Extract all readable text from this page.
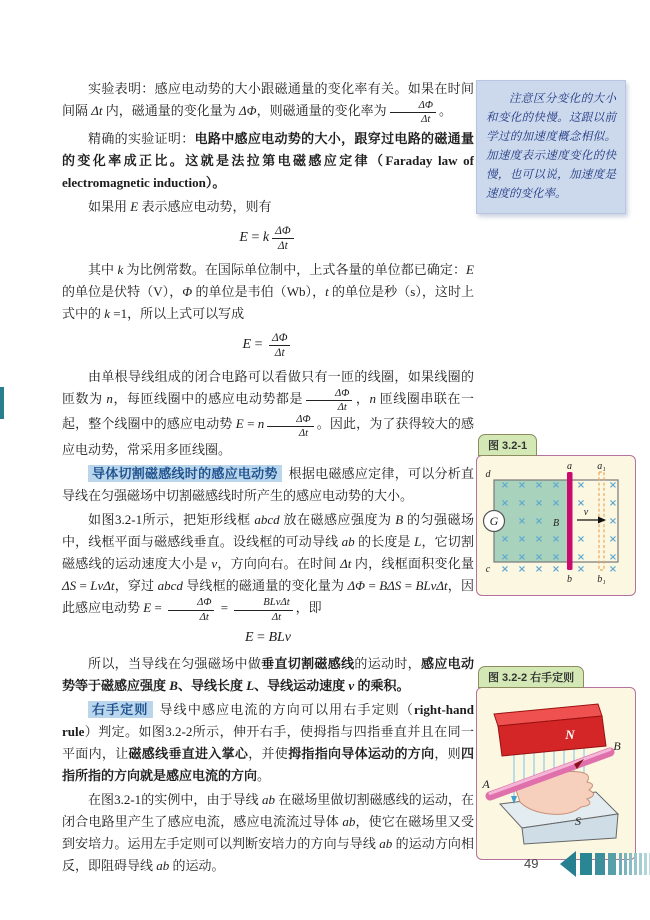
实验表明：感应电动势的大小跟磁通量的变化率有关。如果在时间间隔 Δt 内，磁通量的变化量为 ΔΦ，则磁通量的变化率为 $\frac{\Delta\Phi}{\Delta t}$ 。
精确的实验证明：电路中感应电动势的大小，跟穿过电路的磁通量的变化率成正比。这就是法拉第电磁感应定律（Faraday law of electromagnetic induction）。
如果用 E 表示感应电动势，则有
E = k $\frac{\Delta\Phi}{\Delta t}$
其中 k 为比例常数。在国际单位制中，上式各量的单位都已确定：E 的单位是伏特（V），Φ 的单位是韦伯（Wb），t 的单位是秒（s），这时上式中的 k =1，所以上式可以写成
$E = \frac{\Delta\Phi}{\Delta t}$
由单根导线组成的闭合电路可以看做只有一匝的线圈，如果线圈的匝数为 n，每匝线圈中的感应电动势都是 $\frac{\Delta\Phi}{\Delta t}$ ，n 匝线圈串联在一起，整个线圈中的感应电动势 E = n $\frac{\Delta\Phi}{\Delta t}$ 。因此，为了获得较大的感应电动势，常采用多匝线圈。
导体切割磁感线时的感应电动势 根据电磁感应定律，可以分析直导线在匀强磁场中切割磁感线时所产生的感应电动势的大小。
如图3.2-1所示，把矩形线框 abcd 放在磁感应强度为 B 的匀强磁场中，线框平面与磁感线垂直。设线框的可动导线 ab 的长度是 L，它切割磁感线的运动速度大小是 v，方向向右。在时间 Δt 内，线框面积变化量 ΔS = LvΔt，穿过 abcd 导线框的磁通量的变化量为 ΔΦ = BΔS = BLvΔt，因此感应电动势 $E = \frac{\Delta\Phi}{\Delta t} = \frac{\text{BLvΔt}}{\Delta t}$ ，即
E = BLv
所以，当导线在匀强磁场中做垂直切割磁感线的运动时，感应电动势等于磁感应强度 B、导线长度 L、导线运动速度 v 的乘积。
右手定则 导线中感应电流的方向可以用右手定则（right-hand rule）判定。如图3.2-2所示，伸开右手，使拇指与四指垂直并且在同一平面内，让磁感线垂直进入掌心，并使拇指指向导体运动的方向，则四指所指的方向就是感应电流的方向。
在图3.2-1的实例中，由于导线 ab 在磁场里做切割磁感线的运动，在闭合电路里产生了感应电流，感应电流流过导体 ab，使它在磁场里又受到安培力。运用左手定则可以判断安培力的方向与导线 ab 的运动方向相反，即阻碍导线 ab 的运动。
注意区分变化的大小和变化的快慢。这跟以前学过的加速度概念相似。加速度表示速度变化的快慢，也可以说，加速度是速度的变化率。
图 3.2-1
×
×
×
×
×
×
×
×
×
×
×
×
×
×
×
×
×
×
×
×
×
×
×
×
×
×
×
×
×
×
×
×
×
G
v
B
d
a	a₁
c
b	b₁
图 3.2-2 右手定则
S
N
A
B
49
